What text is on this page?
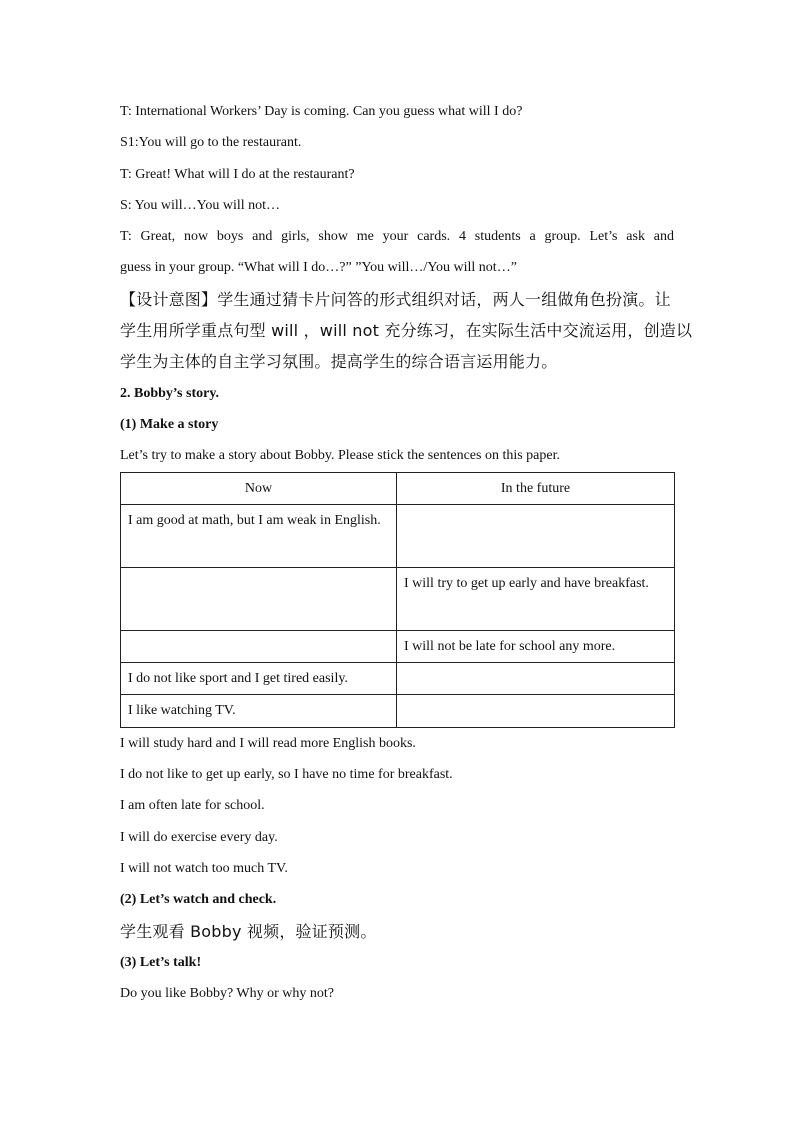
T: International Workers’ Day is coming. Can you guess what will I do?
S1:You will go to the restaurant.
T: Great! What will I do at the restaurant?
S: You will…You will not…
T: Great, now boys and girls, show me your cards. 4 students a group. Let’s ask and
guess in your group. “What will I do…?” ”You will…/You will not…”
【设计意图】学生通过猜卡片问答的形式组织对话，两人一组做角色扮演。让
学生用所学重点句型 will ，will not 充分练习，在实际生活中交流运用，创造以
学生为主体的自主学习氛围。提高学生的综合语言运用能力。
2. Bobby’s story.
(1) Make a story
Let’s try to make a story about Bobby. Please stick the sentences on this paper.
Now	In the future
I am good at math, but I am weak in English.	
	I will try to get up early and have breakfast.
	I will not be late for school any more.
I do not like sport and I get tired easily.	
I like watching TV.	
I will study hard and I will read more English books.
I do not like to get up early, so I have no time for breakfast.
I am often late for school.
I will do exercise every day.
I will not watch too much TV.
(2) Let’s watch and check.
学生观看 Bobby 视频，验证预测。
(3) Let’s talk!
Do you like Bobby? Why or why not?
